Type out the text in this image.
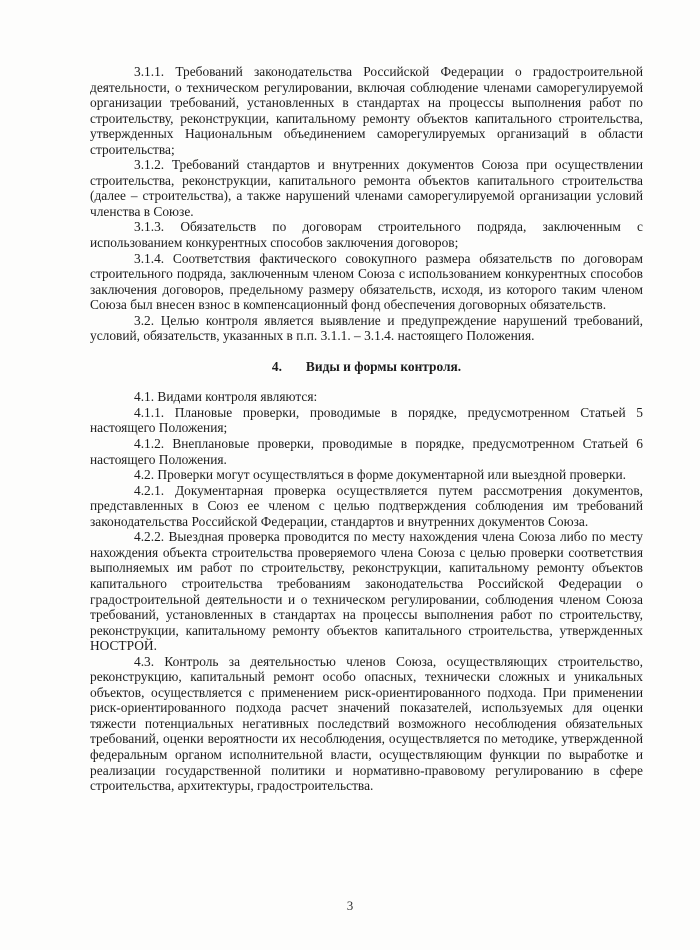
3.1.1. Требований законодательства Российской Федерации о градостроительной деятельности, о техническом регулировании, включая соблюдение членами саморегулируемой организации требований, установленных в стандартах на процессы выполнения работ по строительству, реконструкции, капитальному ремонту объектов капитального строительства, утвержденных Национальным объединением саморегулируемых организаций в области строительства;

3.1.2. Требований стандартов и внутренних документов Союза при осуществлении строительства, реконструкции, капитального ремонта объектов капитального строительства (далее – строительства), а также нарушений членами саморегулируемой организации условий членства в Союзе.

3.1.3. Обязательств по договорам строительного подряда, заключенным с использованием конкурентных способов заключения договоров;

3.1.4. Соответствия фактического совокупного размера обязательств по договорам строительного подряда, заключенным членом Союза с использованием конкурентных способов заключения договоров, предельному размеру обязательств, исходя, из которого таким членом Союза был внесен взнос в компенсационный фонд обеспечения договорных обязательств.

3.2. Целью контроля является выявление и предупреждение нарушений требований, условий, обязательств, указанных в п.п. 3.1.1. – 3.1.4. настоящего Положения.

4. Виды и формы контроля.

4.1. Видами контроля являются:

4.1.1. Плановые проверки, проводимые в порядке, предусмотренном Статьей 5 настоящего Положения;

4.1.2. Внеплановые проверки, проводимые в порядке, предусмотренном Статьей 6 настоящего Положения.

4.2. Проверки могут осуществляться в форме документарной или выездной проверки.

4.2.1. Документарная проверка осуществляется путем рассмотрения документов, представленных в Союз ее членом с целью подтверждения соблюдения им требований законодательства Российской Федерации, стандартов и внутренних документов Союза.

4.2.2. Выездная проверка проводится по месту нахождения члена Союза либо по месту нахождения объекта строительства проверяемого члена Союза с целью проверки соответствия выполняемых им работ по строительству, реконструкции, капитальному ремонту объектов капитального строительства требованиям законодательства Российской Федерации о градостроительной деятельности и о техническом регулировании, соблюдения членом Союза требований, установленных в стандартах на процессы выполнения работ по строительству, реконструкции, капитальному ремонту объектов капитального строительства, утвержденных НОСТРОЙ.

4.3. Контроль за деятельностью членов Союза, осуществляющих строительство, реконструкцию, капитальный ремонт особо опасных, технически сложных и уникальных объектов, осуществляется с применением риск-ориентированного подхода. При применении риск-ориентированного подхода расчет значений показателей, используемых для оценки тяжести потенциальных негативных последствий возможного несоблюдения обязательных требований, оценки вероятности их несоблюдения, осуществляется по методике, утвержденной федеральным органом исполнительной власти, осуществляющим функции по выработке и реализации государственной политики и нормативно-правовому регулированию в сфере строительства, архитектуры, градостроительства.

3
